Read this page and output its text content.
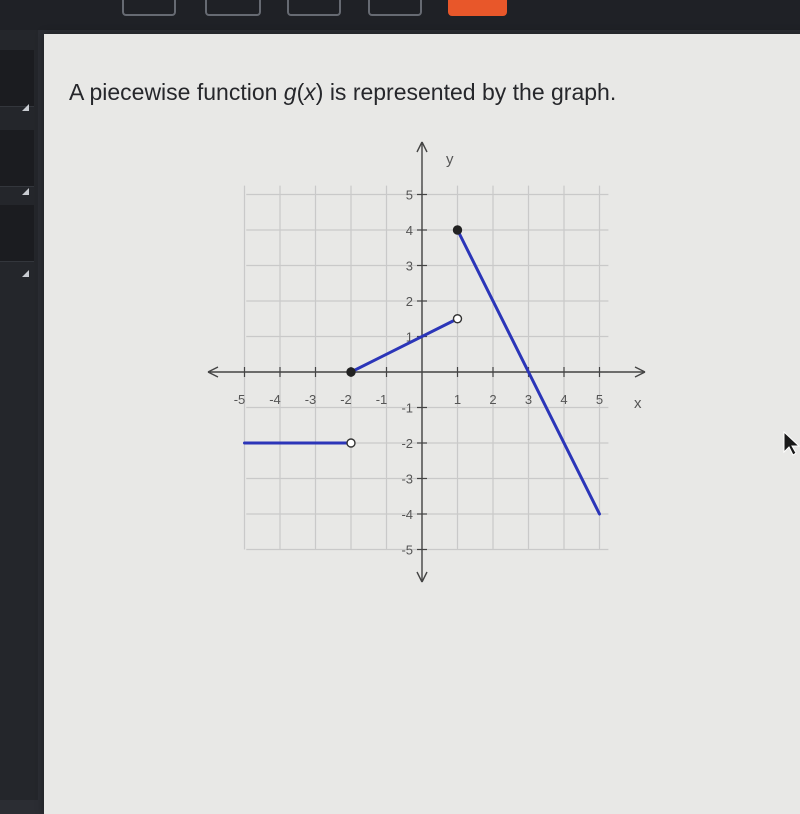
A piecewise function g(x) is represented by the graph.
-5 -4 -3 -2 -1	1 2 3 4 5
5
4
3
2
1
-1
-2
-3
-4
-5
x
y
